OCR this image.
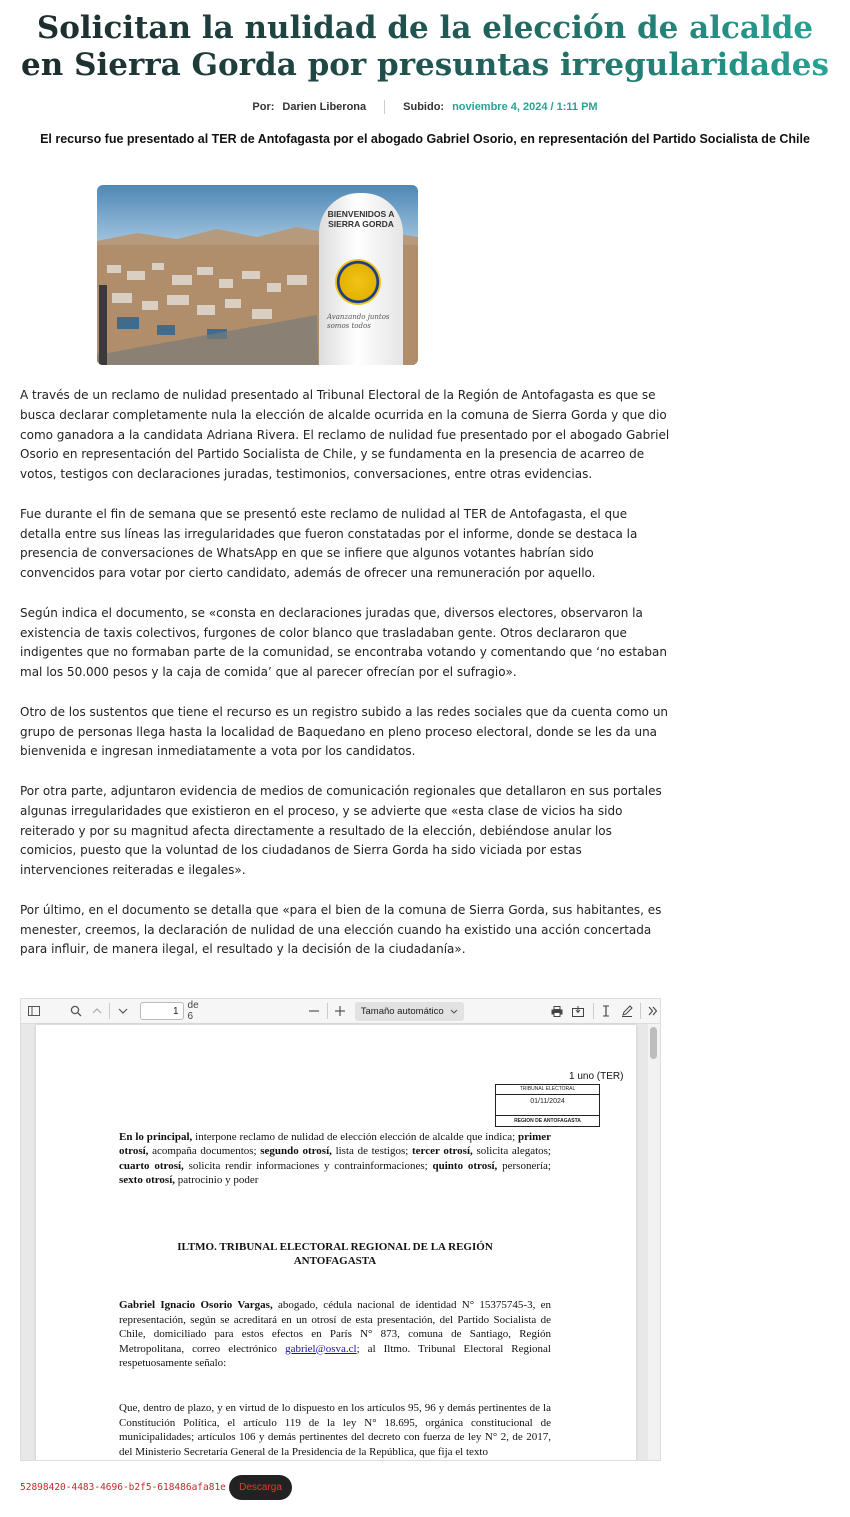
Solicitan la nulidad de la elección de alcalde en Sierra Gorda por presuntas irregularidades
Por: Darien Liberona	Subido: noviembre 4, 2024 / 1:11 PM
El recurso fue presentado al TER de Antofagasta por el abogado Gabriel Osorio, en representación del Partido Socialista de Chile
BIENVENIDOS A SIERRA GORDA
Avanzando juntos somos todos

A través de un reclamo de nulidad presentado al Tribunal Electoral de la Región de Antofagasta es que se busca declarar completamente nula la elección de alcalde ocurrida en la comuna de Sierra Gorda y que dio como ganadora a la candidata Adriana Rivera. El reclamo de nulidad fue presentado por el abogado Gabriel Osorio en representación del Partido Socialista de Chile, y se fundamenta en la presencia de acarreo de votos, testigos con declaraciones juradas, testimonios, conversaciones, entre otras evidencias.

Fue durante el fin de semana que se presentó este reclamo de nulidad al TER de Antofagasta, el que detalla entre sus líneas las irregularidades que fueron constatadas por el informe, donde se destaca la presencia de conversaciones de WhatsApp en que se infiere que algunos votantes habrían sido convencidos para votar por cierto candidato, además de ofrecer una remuneración por aquello.

Según indica el documento, se «consta en declaraciones juradas que, diversos electores, observaron la existencia de taxis colectivos, furgones de color blanco que trasladaban gente. Otros declararon que indigentes que no formaban parte de la comunidad, se encontraba votando y comentando que ‘no estaban mal los 50.000 pesos y la caja de comida’ que al parecer ofrecían por el sufragio».

Otro de los sustentos que tiene el recurso es un registro subido a las redes sociales que da cuenta como un grupo de personas llega hasta la localidad de Baquedano en pleno proceso electoral, donde se les da una bienvenida e ingresan inmediatamente a vota por los candidatos.

Por otra parte, adjuntaron evidencia de medios de comunicación regionales que detallaron en sus portales algunas irregularidades que existieron en el proceso, y se advierte que «esta clase de vicios ha sido reiterado y por su magnitud afecta directamente a resultado de la elección, debiéndose anular los comicios, puesto que la voluntad de los ciudadanos de Sierra Gorda ha sido viciada por estas intervenciones reiteradas e ilegales».

Por último, en el documento se detalla que «para el bien de la comuna de Sierra Gorda, sus habitantes, es menester, creemos, la declaración de nulidad de una elección cuando ha existido una acción concertada para influir, de manera ilegal, el resultado y la decisión de la ciudadanía».

1
de 6	Tamaño automático
1 uno (TER)
TRIBUNAL ELECTORAL
01/11/2024
REGION DE ANTOFAGASTA
En lo principal, interpone reclamo de nulidad de elección elección de alcalde que indica; primer otrosí, acompaña documentos; segundo otrosí, lista de testigos; tercer otrosí, solicita alegatos; cuarto otrosí, solicita rendir informaciones y contrainformaciones; quinto otrosí, personería; sexto otrosí, patrocinio y poder
ILTMO. TRIBUNAL ELECTORAL REGIONAL DE LA REGIÓN
ANTOFAGASTA
Gabriel Ignacio Osorio Vargas, abogado, cédula nacional de identidad N° 15375745-3, en representación, según se acreditará en un otrosí de esta presentación, del Partido Socialista de Chile, domiciliado para estos efectos en París N° 873, comuna de Santiago, Región Metropolitana, correo electrónico gabriel@osva.cl; al Iltmo. Tribunal Electoral Regional respetuosamente señalo:
Que, dentro de plazo, y en virtud de lo dispuesto en los artículos 95, 96 y demás pertinentes de la Constitución Política, el artículo 119 de la ley N° 18.695, orgánica constitucional de municipalidades; artículos 106 y demás pertinentes del decreto con fuerza de ley N° 2, de 2017, del Ministerio Secretaría General de la Presidencia de la República, que fija el texto
52898420-4483-4696-b2f5-618486afa81e	Descarga
